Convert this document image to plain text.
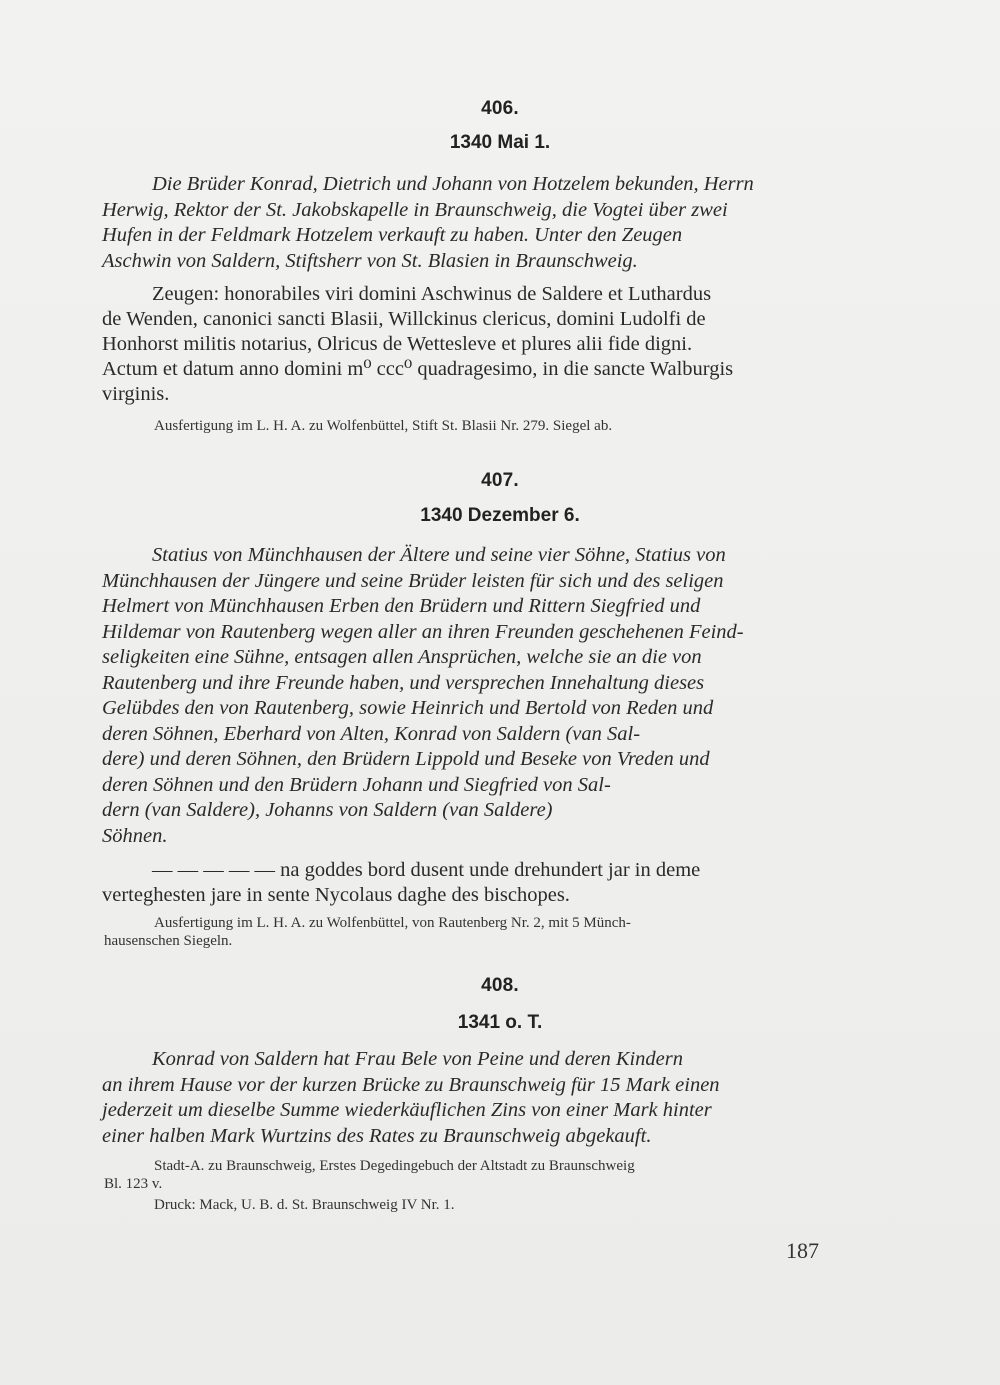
406.
1340 Mai 1.

Die Brüder Konrad, Dietrich und Johann von Hotzelem bekunden, Herrn

Herwig, Rektor der St. Jakobskapelle in Braunschweig, die Vogtei über zwei

Hufen in der Feldmark Hotzelem verkauft zu haben. Unter den Zeugen

Aschwin von Saldern, Stiftsherr von St. Blasien in Braunschweig.

Zeugen: honorabiles viri domini Aschwinus de Saldere et Luthardus
de Wenden, canonici sancti Blasii, Willckinus clericus, domini Ludolfi de
Honhorst militis notarius, Olricus de Wettesleve et plures alii fide digni.
Actum et datum anno domini m⁰ ccc⁰ quadragesimo, in die sancte Walburgis
virginis.
Ausfertigung im L. H. A. zu Wolfenbüttel, Stift St. Blasii Nr. 279. Siegel ab.
407.
1340 Dezember 6.

Statius von Münchhausen der Ältere und seine vier Söhne, Statius von

Münchhausen der Jüngere und seine Brüder leisten für sich und des seligen

Helmert von Münchhausen Erben den Brüdern und Rittern Siegfried und

Hildemar von Rautenberg wegen aller an ihren Freunden geschehenen Feind-

seligkeiten eine Sühne, entsagen allen Ansprüchen, welche sie an die von

Rautenberg und ihre Freunde haben, und versprechen Innehaltung dieses

Gelübdes den von Rautenberg, sowie Heinrich und Bertold von Reden und

deren Söhnen, Eberhard von Alten, Konrad von Saldern (van Sal-

dere) und deren Söhnen, den Brüdern Lippold und Beseke von Vreden und

deren Söhnen und den Brüdern Johann und Siegfried von Sal-

dern (van Saldere), Johanns von Saldern (van Saldere)

Söhnen.

— — — — — na goddes bord dusent unde drehundert jar in deme
verteghesten jare in sente Nycolaus daghe des bischopes.
Ausfertigung im L. H. A. zu Wolfenbüttel, von Rautenberg Nr. 2, mit 5 Münch-
hausenschen Siegeln.
408.
1341 o. T.

Konrad von Saldern hat Frau Bele von Peine und deren Kindern

an ihrem Hause vor der kurzen Brücke zu Braunschweig für 15 Mark einen

jederzeit um dieselbe Summe wiederkäuflichen Zins von einer Mark hinter

einer halben Mark Wurtzins des Rates zu Braunschweig abgekauft.

Stadt-A. zu Braunschweig, Erstes Degedingebuch der Altstadt zu Braunschweig
Bl. 123 v.
Druck: Mack, U. B. d. St. Braunschweig IV Nr. 1.
187
